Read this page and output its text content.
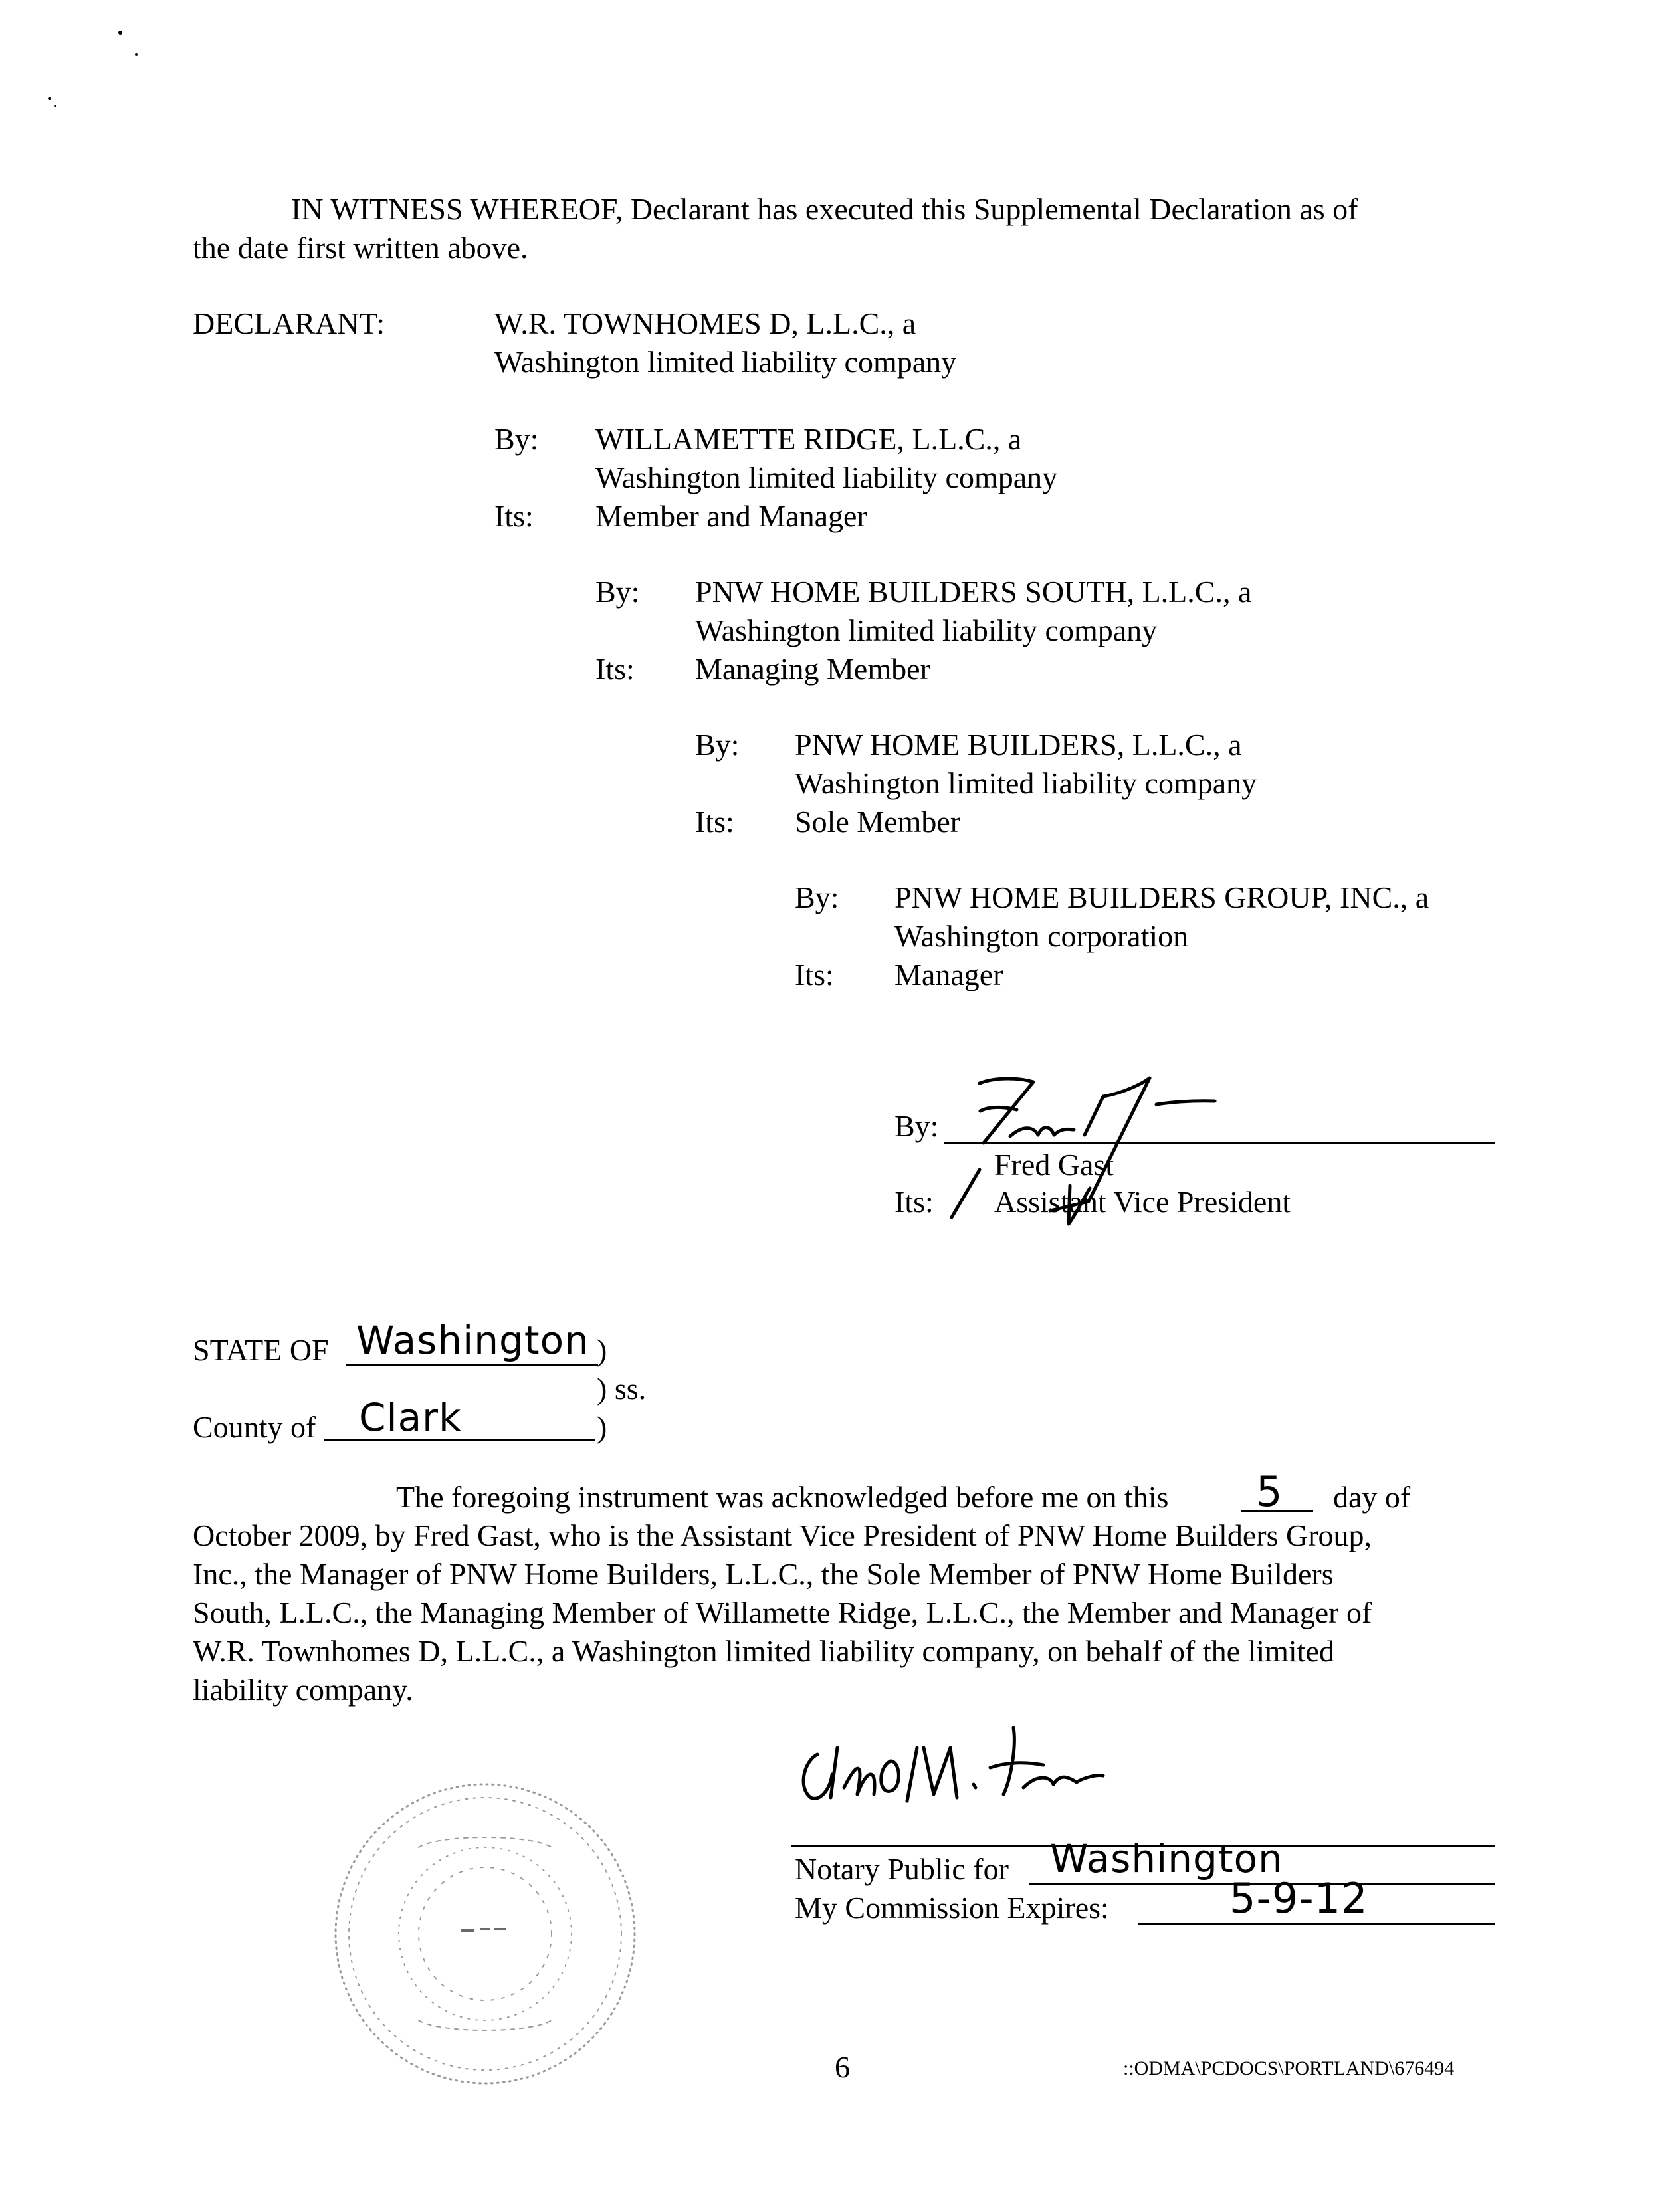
IN WITNESS WHEREOF, Declarant has executed this Supplemental Declaration as of
the date first written above.
DECLARANT:	W.R. TOWNHOMES D, L.L.C., a
Washington limited liability company
By: WILLAMETTE RIDGE, L.L.C., a
Washington limited liability company
Its: Member and Manager
By: PNW HOME BUILDERS SOUTH, L.L.C., a
Washington limited liability company
Its: Managing Member
By: PNW HOME BUILDERS, L.L.C., a
Washington limited liability company
Its: Sole Member
By: PNW HOME BUILDERS GROUP, INC., a
Washington corporation
Its: Manager
By:
Fred Gast
Its: Assistant Vice President
STATE OF Washington )
) ss.
County of Clark	)
The foregoing instrument was acknowledged before me on this 5 day of
October 2009, by Fred Gast, who is the Assistant Vice President of PNW Home Builders Group,
Inc., the Manager of PNW Home Builders, L.L.C., the Sole Member of PNW Home Builders
South, L.L.C., the Managing Member of Willamette Ridge, L.L.C., the Member and Manager of
W.R. Townhomes D, L.L.C., a Washington limited liability company, on behalf of the limited
liability company.
Notary Public for Washington
My Commission Expires:	5-9-12
6	::ODMA\PCDOCS\PORTLAND\676494
